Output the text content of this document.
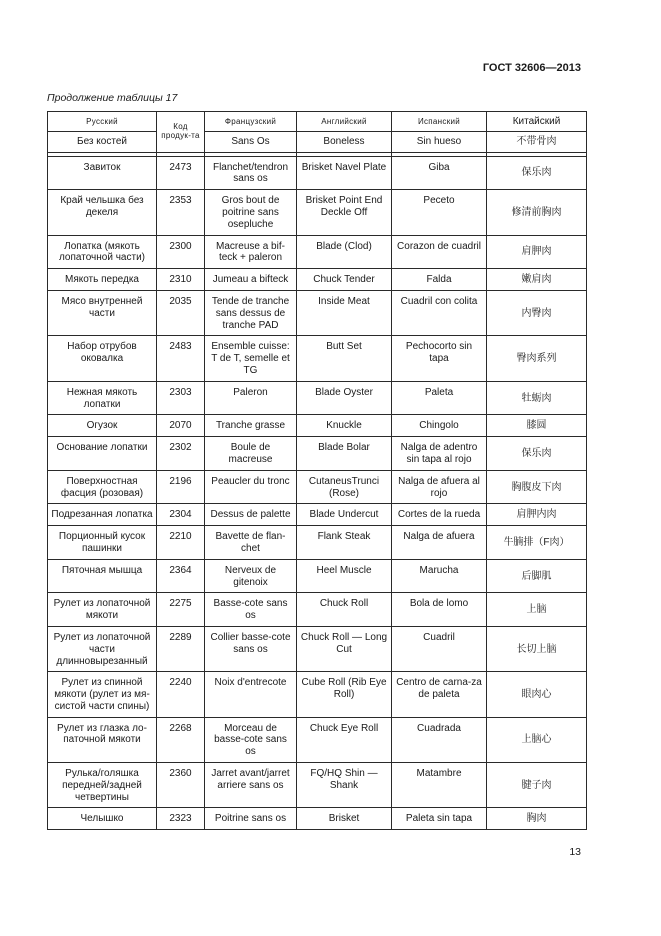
ГОСТ 32606—2013
Продолжение таблицы 17
Русский	Код продук-та	Французский	Английский	Испанский	Китайский
Без костей		Sans Os	Boneless	Sin hueso	不带骨肉

Завиток	2473	Flanchet/tendron sans os	Brisket Navel Plate	Giba	保乐肉
Край чельшка без декеля	2353	Gros bout de poitrine sans osepluche	Brisket Point End Deckle Off	Peceto	修清前胸肉
Лопатка (мякоть лопаточной части)	2300	Macreuse a bif-teck + paleron	Blade (Clod)	Corazon de cuadril	肩胛肉
Мякоть передка	2310	Jumeau a bifteck	Chuck Tender	Falda	嫩肩肉
Мясо внутренней части	2035	Tende de tranche sans dessus de tranche PAD	Inside Meat	Cuadril con colita	内臀肉
Набор отрубов оковалка	2483	Ensemble cuisse: T de T, semelle et TG	Butt Set	Pechocorto sin tapa	臀肉系列
Нежная мякоть лопатки	2303	Paleron	Blade Oyster	Paleta	牡蛎肉
Огузок	2070	Tranche grasse	Knuckle	Chingolo	膝圆
Основание лопатки	2302	Boule de macreuse	Blade Bolar	Nalga de adentro sin tapa al rojo	保乐肉
Поверхностная фасция (розовая)	2196	Peaucler du tronc	CutaneusTrunci (Rose)	Nalga de afuera al rojo	胸腹皮下肉
Подрезанная лопатка	2304	Dessus de palette	Blade Undercut	Cortes de la rueda	肩胛内肉
Порционный кусок пашинки	2210	Bavette de flan-chet	Flank Steak	Nalga de afuera	牛腩排（F肉）
Пяточная мышца	2364	Nerveux de gitenoix	Heel Muscle	Marucha	后脚肌
Рулет из лопаточной мякоти	2275	Basse-cote sans os	Chuck Roll	Bola de lomo	上脑
Рулет из лопаточной части длинновырезанный	2289	Collier basse-cote sans os	Chuck Roll — Long Cut	Cuadril	长切上脑
Рулет из спинной мякоти (рулет из мя-систой части спины)	2240	Noix d'entrecote	Cube Roll (Rib Eye Roll)	Centro de carna-za de paleta	眼肉心
Рулет из глазка ло-паточной мякоти	2268	Morceau de basse-cote sans os	Chuck Eye Roll	Cuadrada	上脑心
Рулька/голяшка передней/задней четвертины	2360	Jarret avant/jarret arriere sans os	FQ/HQ Shin — Shank	Matambre	腱子肉
Челышко	2323	Poitrine sans os	Brisket	Paleta sin tapa	胸肉
13
